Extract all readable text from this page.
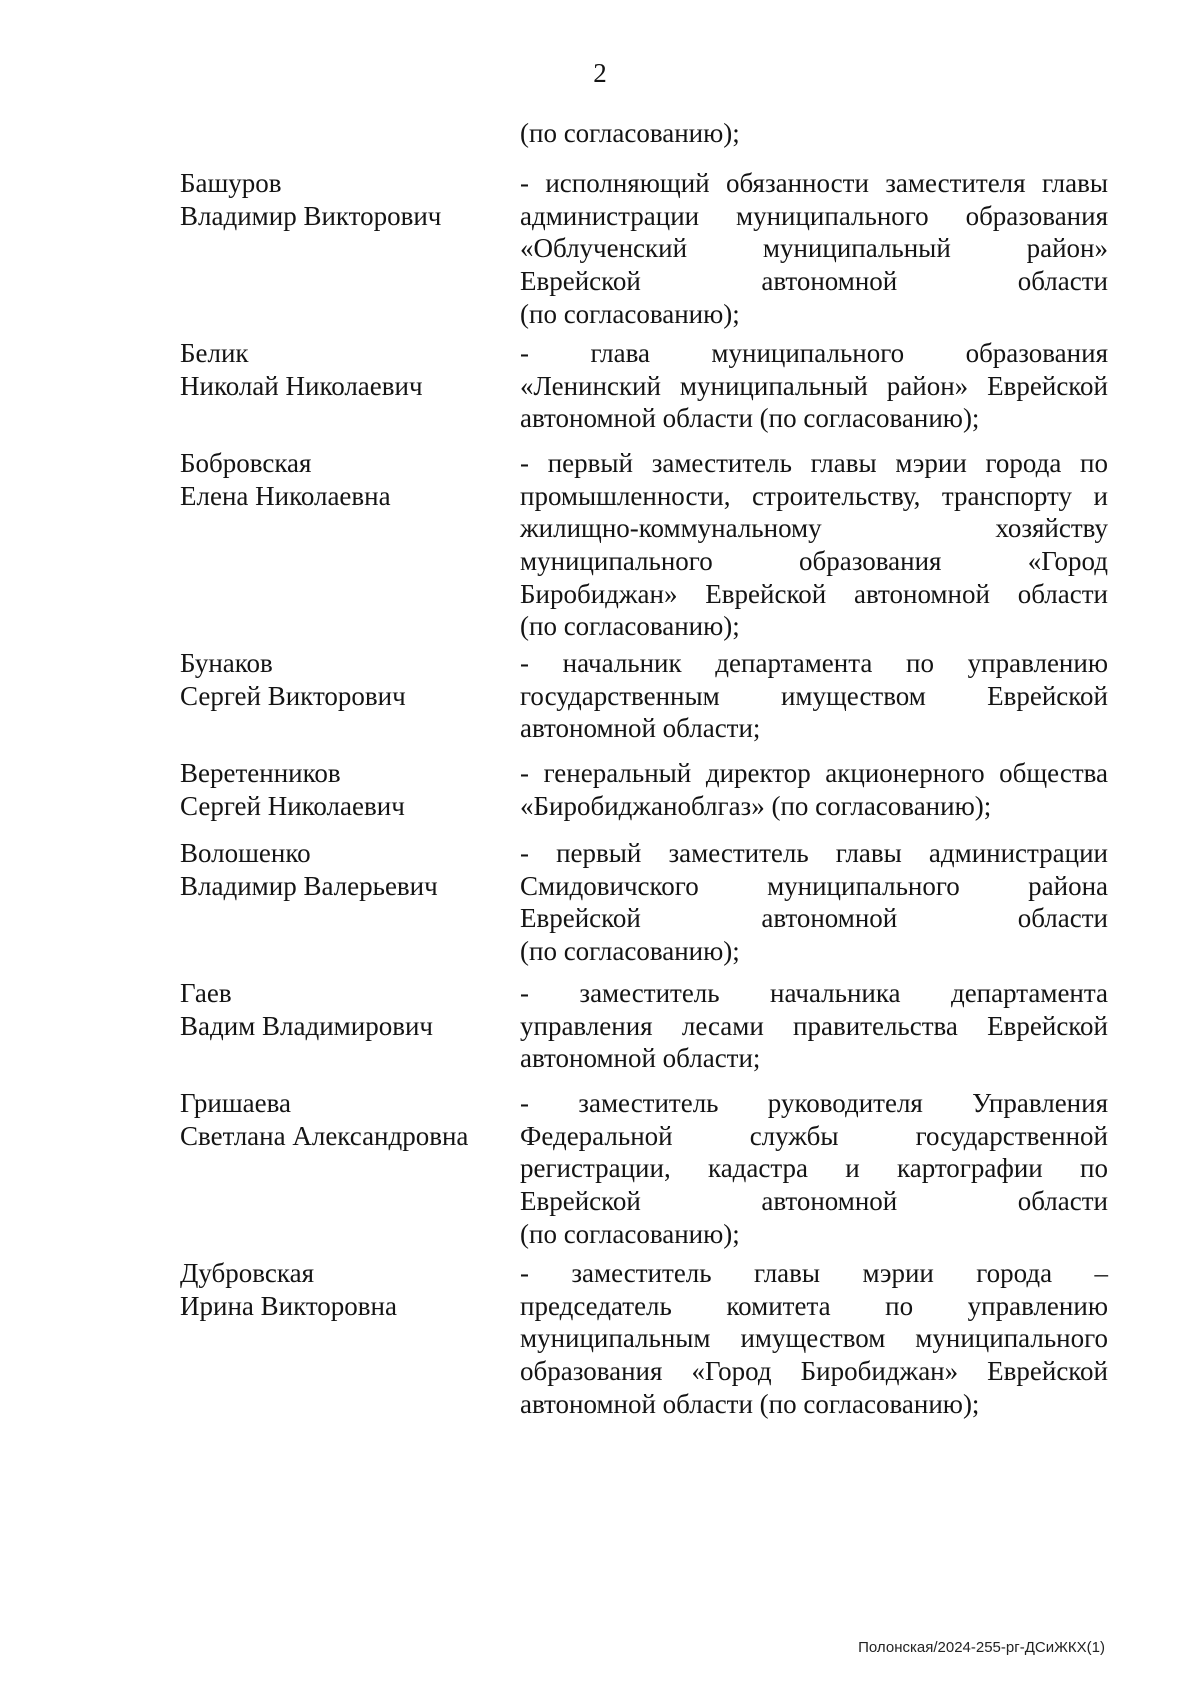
2
(по согласованию);
Башуров
Владимир Викторович
- исполняющий обязанности заместителя главы
администрации муниципального образования
«Облученский муниципальный район»
Еврейской автономной области
(по согласованию);
Белик
Николай Николаевич
- глава муниципального образования
«Ленинский муниципальный район» Еврейской
автономной области (по согласованию);
Бобровская
Елена Николаевна
- первый заместитель главы мэрии города по
промышленности, строительству, транспорту и
жилищно-коммунальному хозяйству
муниципального образования «Город
Биробиджан» Еврейской автономной области
(по согласованию);
Бунаков
Сергей Викторович
- начальник департамента по управлению
государственным имуществом Еврейской
автономной области;
Веретенников
Сергей Николаевич
- генеральный директор акционерного общества
«Биробиджаноблгаз» (по согласованию);
Волошенко
Владимир Валерьевич
- первый заместитель главы администрации
Смидовичского муниципального района
Еврейской автономной области
(по согласованию);
Гаев
Вадим Владимирович
- заместитель начальника департамента
управления лесами правительства Еврейской
автономной области;
Гришаева
Светлана Александровна
- заместитель руководителя Управления
Федеральной службы государственной
регистрации, кадастра и картографии по
Еврейской автономной области
(по согласованию);
Дубровская
Ирина Викторовна
- заместитель главы мэрии города –
председатель комитета по управлению
муниципальным имуществом муниципального
образования «Город Биробиджан» Еврейской
автономной области (по согласованию);
Полонская/2024-255-рг-ДСиЖКХ(1)
